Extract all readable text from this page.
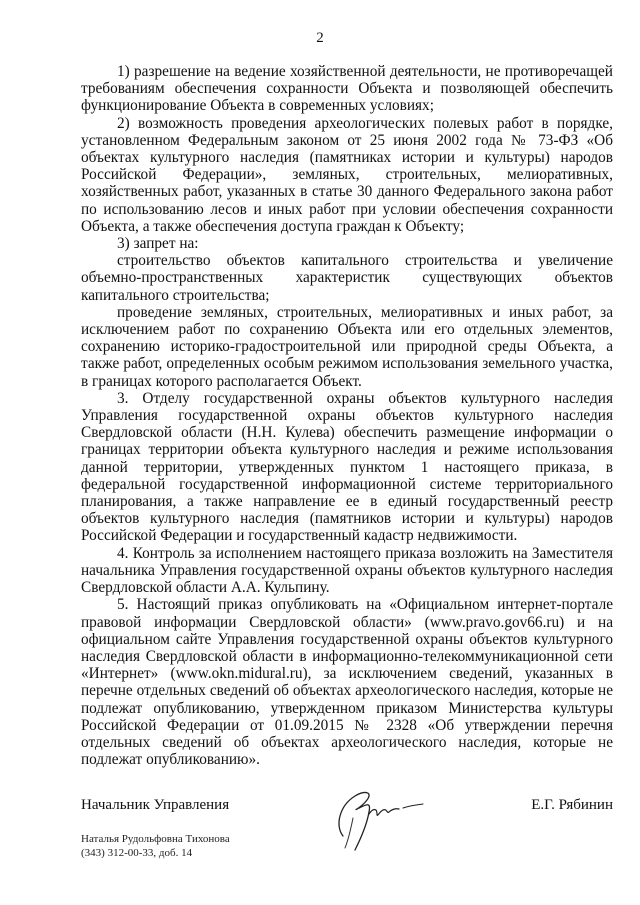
2

1) разрешение на ведение хозяйственной деятельности, не противоречащей требованиям обеспечения сохранности Объекта и позволяющей обеспечить функционирование Объекта в современных условиях;

2) возможность проведения археологических полевых работ в порядке, установленном Федеральным законом от 25 июня 2002 года № 73-ФЗ «Об объектах культурного наследия (памятниках истории и культуры) народов Российской Федерации», земляных, строительных, мелиоративных, хозяйственных работ, указанных в статье 30 данного Федерального закона работ по использованию лесов и иных работ при условии обеспечения сохранности Объекта, а также обеспечения доступа граждан к Объекту;

3) запрет на:

строительство объектов капитального строительства и увеличение объемно-пространственных характеристик существующих объектов капитального строительства;

проведение земляных, строительных, мелиоративных и иных работ, за исключением работ по сохранению Объекта или его отдельных элементов, сохранению историко-градостроительной или природной среды Объекта, а также работ, определенных особым режимом использования земельного участка, в границах которого располагается Объект.

3. Отделу государственной охраны объектов культурного наследия Управления государственной охраны объектов культурного наследия Свердловской области (Н.Н. Кулева) обеспечить размещение информации о границах территории объекта культурного наследия и режиме использования данной территории, утвержденных пунктом 1 настоящего приказа, в федеральной государственной информационной системе территориального планирования, а также направление ее в единый государственный реестр объектов культурного наследия (памятников истории и культуры) народов Российской Федерации и государственный кадастр недвижимости.

4. Контроль за исполнением настоящего приказа возложить на Заместителя начальника Управления государственной охраны объектов культурного наследия Свердловской области А.А. Кульпину.

5. Настоящий приказ опубликовать на «Официальном интернет-портале правовой информации Свердловской области» (www.pravo.gov66.ru) и на официальном сайте Управления государственной охраны объектов культурного наследия Свердловской области в информационно-телекоммуникационной сети «Интернет» (www.okn.midural.ru), за исключением сведений, указанных в перечне отдельных сведений об объектах археологического наследия, которые не подлежат опубликованию, утвержденном приказом Министерства культуры Российской Федерации от 01.09.2015 № 2328 «Об утверждении перечня отдельных сведений об объектах археологического наследия, которые не подлежат опубликованию».

Начальник Управления	Е.Г. Рябинин
Наталья Рудольфовна Тихонова
(343) 312-00-33, доб. 14
